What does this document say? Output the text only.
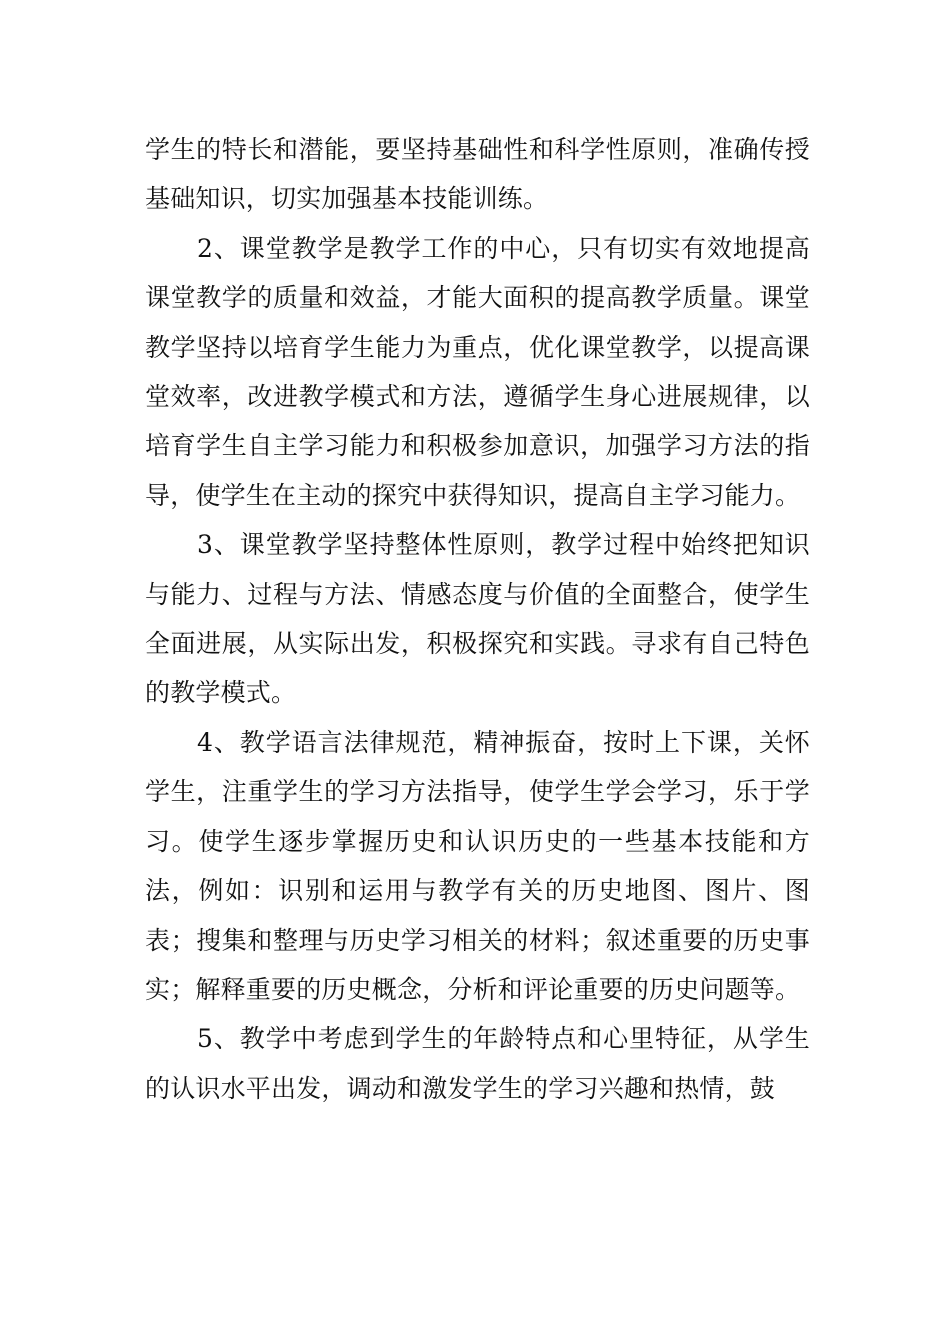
学生的特长和潜能，要坚持基础性和科学性原则，准确传授基础知识，切实加强基本技能训练。

2、课堂教学是教学工作的中心，只有切实有效地提高课堂教学的质量和效益，才能大面积的提高教学质量。课堂教学坚持以培育学生能力为重点，优化课堂教学，以提高课堂效率，改进教学模式和方法，遵循学生身心进展规律，以培育学生自主学习能力和积极参加意识，加强学习方法的指导，使学生在主动的探究中获得知识，提高自主学习能力。

3、课堂教学坚持整体性原则，教学过程中始终把知识与能力、过程与方法、情感态度与价值的全面整合，使学生全面进展，从实际出发，积极探究和实践。寻求有自己特色的教学模式。

4、教学语言法律规范，精神振奋，按时上下课，关怀学生，注重学生的学习方法指导，使学生学会学习，乐于学习。使学生逐步掌握历史和认识历史的一些基本技能和方法，例如：识别和运用与教学有关的历史地图、图片、图表；搜集和整理与历史学习相关的材料；叙述重要的历史事实；解释重要的历史概念，分析和评论重要的历史问题等。

5、教学中考虑到学生的年龄特点和心里特征，从学生的认识水平出发，调动和激发学生的学习兴趣和热情，鼓
